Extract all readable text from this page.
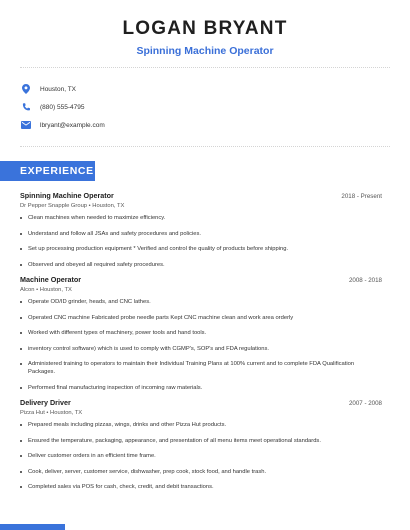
LOGAN BRYANT
Spinning Machine Operator
Houston, TX
(880) 555-4795
lbryant@example.com
EXPERIENCE
Spinning Machine Operator	2018 - Present
Dr Pepper Snapple Group • Houston, TX
Clean machines when needed to maximize efficiency.
Understand and follow all JSAs and safety procedures and policies.
Set up processing production equipment * Verified and control the quality of products before shipping.
Observed and obeyed all required safety procedures.
Machine Operator	2008 - 2018
Alcon • Houston, TX
Operate OD/ID grinder, heads, and CNC lathes.
Operated CNC machine Fabricated probe needle parts Kept CNC machine clean and work area orderly
Worked with different types of machinery, power tools and hand tools.
inventory control software) which is used to comply with CGMP's, SOP's and FDA regulations.
Administered training to operators to maintain their Individual Training Plans at 100% current and to complete FDA Qualification Packages.
Performed final manufacturing inspection of incoming raw materials.
Delivery Driver	2007 - 2008
Pizza Hut • Houston, TX
Prepared meals including pizzas, wings, drinks and other Pizza Hut products.
Ensured the temperature, packaging, appearance, and presentation of all menu items meet operational standards.
Deliver customer orders in an efficient time frame.
Cook, deliver, server, customer service, dishwasher, prep cook, stock food, and handle trash.
Completed sales via POS for cash, check, credit, and debit transactions.
